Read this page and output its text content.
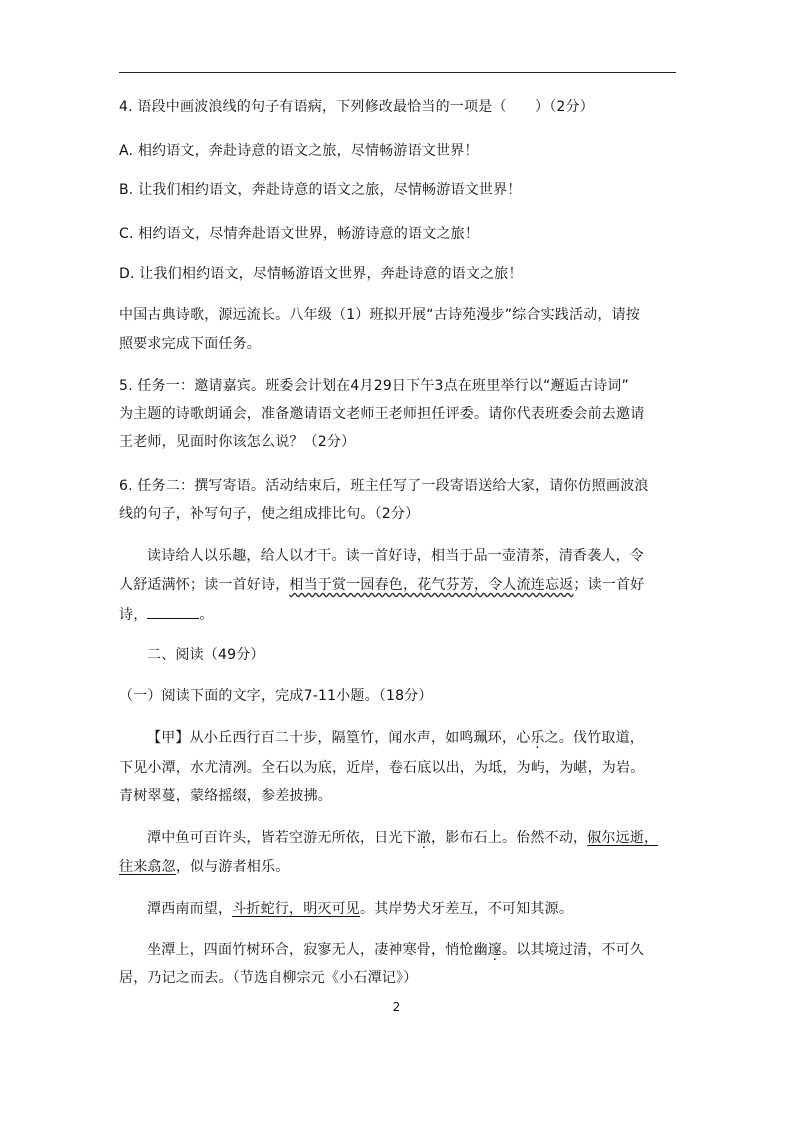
4. 语段中画波浪线的句子有语病，下列修改最恰当的一项是（　　）（2分）
A. 相约语文，奔赴诗意的语文之旅，尽情畅游语文世界！
B. 让我们相约语文，奔赴诗意的语文之旅，尽情畅游语文世界！
C. 相约语文，尽情奔赴语文世界，畅游诗意的语文之旅！
D. 让我们相约语文，尽情畅游语文世界，奔赴诗意的语文之旅！
中国古典诗歌，源远流长。八年级（1）班拟开展“古诗苑漫步”综合实践活动，请按
照要求完成下面任务。
5. 任务一：邀请嘉宾。班委会计划在4月29日下午3点在班里举行以“邂逅古诗词”
为主题的诗歌朗诵会，准备邀请语文老师王老师担任评委。请你代表班委会前去邀请
王老师，见面时你该怎么说？（2分）
6. 任务二：撰写寄语。活动结束后，班主任写了一段寄语送给大家，请你仿照画波浪
线的句子，补写句子，使之组成排比句。（2分）
读诗给人以乐趣，给人以才干。读一首好诗，相当于品一壶清茶，清香袭人，令
人舒适满怀；读一首好诗，相当于赏一园春色，花气芬芳，令人流连忘返；读一首好
诗，	。
二、阅读（49分）
（一）阅读下面的文字，完成7-11小题。（18分）
【甲】从小丘西行百二十步，隔篁竹，闻水声，如鸣珮环，心乐之。伐竹取道，
下见小潭，水尤清冽。全石以为底，近岸，卷石底以出，为坻，为屿，为嵁，为岩。
青树翠蔓，蒙络摇缀，参差披拂。
潭中鱼可百许头，皆若空游无所依，日光下澈，影布石上。佁然不动，俶尔远逝，
往来翕忽，似与游者相乐。
潭西南而望，斗折蛇行，明灭可见。其岸势犬牙差互，不可知其源。
坐潭上，四面竹树环合，寂寥无人，凄神寒骨，悄怆幽邃。以其境过清，不可久
居，乃记之而去。（节选自柳宗元《小石潭记》）
2
